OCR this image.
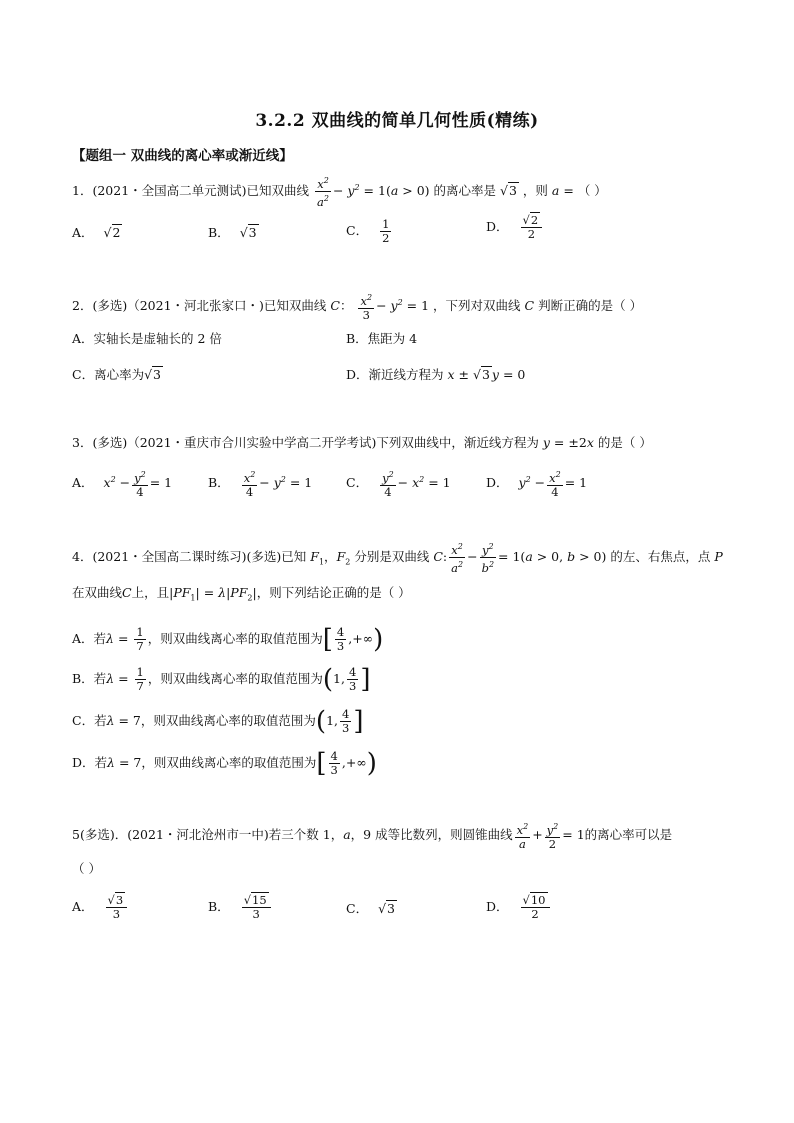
3.2.2 双曲线的简单几何性质(精练)
【题组一 双曲线的离心率或渐近线】
1．(2021・全国高二单元测试)已知双曲线 $\frac{x^2}{a^2} - y^2 = 1(a > 0)$ 的离心率是 √3 ，则 a = （ ）
A． √2	B． √3	C． $\frac{1}{2}$	D． $\frac{√2}{2}$
2．(多选)（2021・河北张家口・)已知双曲线 C： $\frac{x^2}{3} - y^2 = 1$ ，下列对双曲线 C 判断正确的是（ ）
A．实轴长是虚轴长的 2 倍	B．焦距为 4
C．离心率为√3	D．渐近线方程为 x ± √3 y = 0
3．(多选)（2021・重庆市合川实验中学高二开学考试)下列双曲线中，渐近线方程为 y = ±2x 的是（ ）
A． $x^2 - \frac{y^2}{4} = 1$	B． $\frac{x^2}{4} - y^2 = 1$	C． $\frac{y^2}{4} - x^2 = 1$	D． $y^2 - \frac{x^2}{4} = 1$
4．(2021・全国高二课时练习)(多选)已知 $F_1$，$F_2$ 分别是双曲线 C: $\frac{x^2}{a^2} - \frac{y^2}{b^2} = 1(a > 0$, b > 0) 的左、右焦点，点 P
在双曲线C上，且$|PF_1| = \lambda|PF_2|$，则下列结论正确的是（ ）
A．若$\lambda = \frac{1}{7}$ ，则双曲线离心率的取值范围为[ $\frac{4}{3}$ ,+∞)
B．若$\lambda = \frac{1}{7}$ ，则双曲线离心率的取值范围为(1, $\frac{4}{3}$ ]
C．若λ = 7，则双曲线离心率的取值范围为(1, $\frac{4}{3}$ ]
D．若λ = 7，则双曲线离心率的取值范围为[ $\frac{4}{3}$ ,+∞)
5(多选)．(2021・河北沧州市一中)若三个数 1，a，9 成等比数列，则圆锥曲线 $\frac{x^2}{a} + \frac{y^2}{2} = 1$的离心率可以是
（ ）
A． $\frac{√3}{3}$	B． $\frac{√15}{3}$	C． √3	D． $\frac{√10}{2}$
